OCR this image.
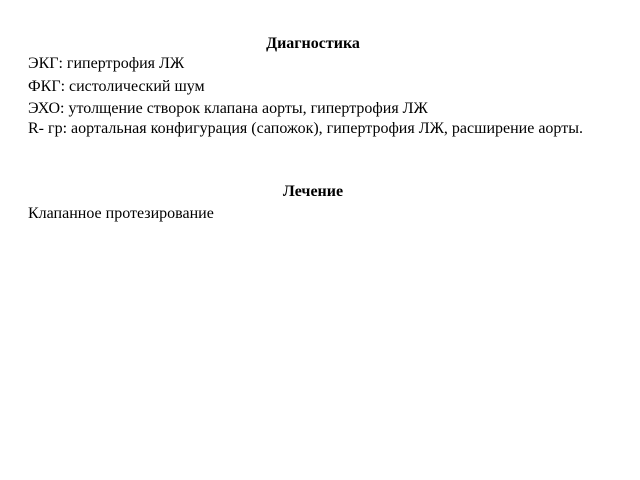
Диагностика
ЭКГ: гипертрофия ЛЖ
ФКГ: систолический шум
ЭХО: утолщение створок клапана аорты, гипертрофия ЛЖ
R- гр: аортальная конфигурация (сапожок), гипертрофия ЛЖ, расширение аорты.
Лечение
Клапанное протезирование
